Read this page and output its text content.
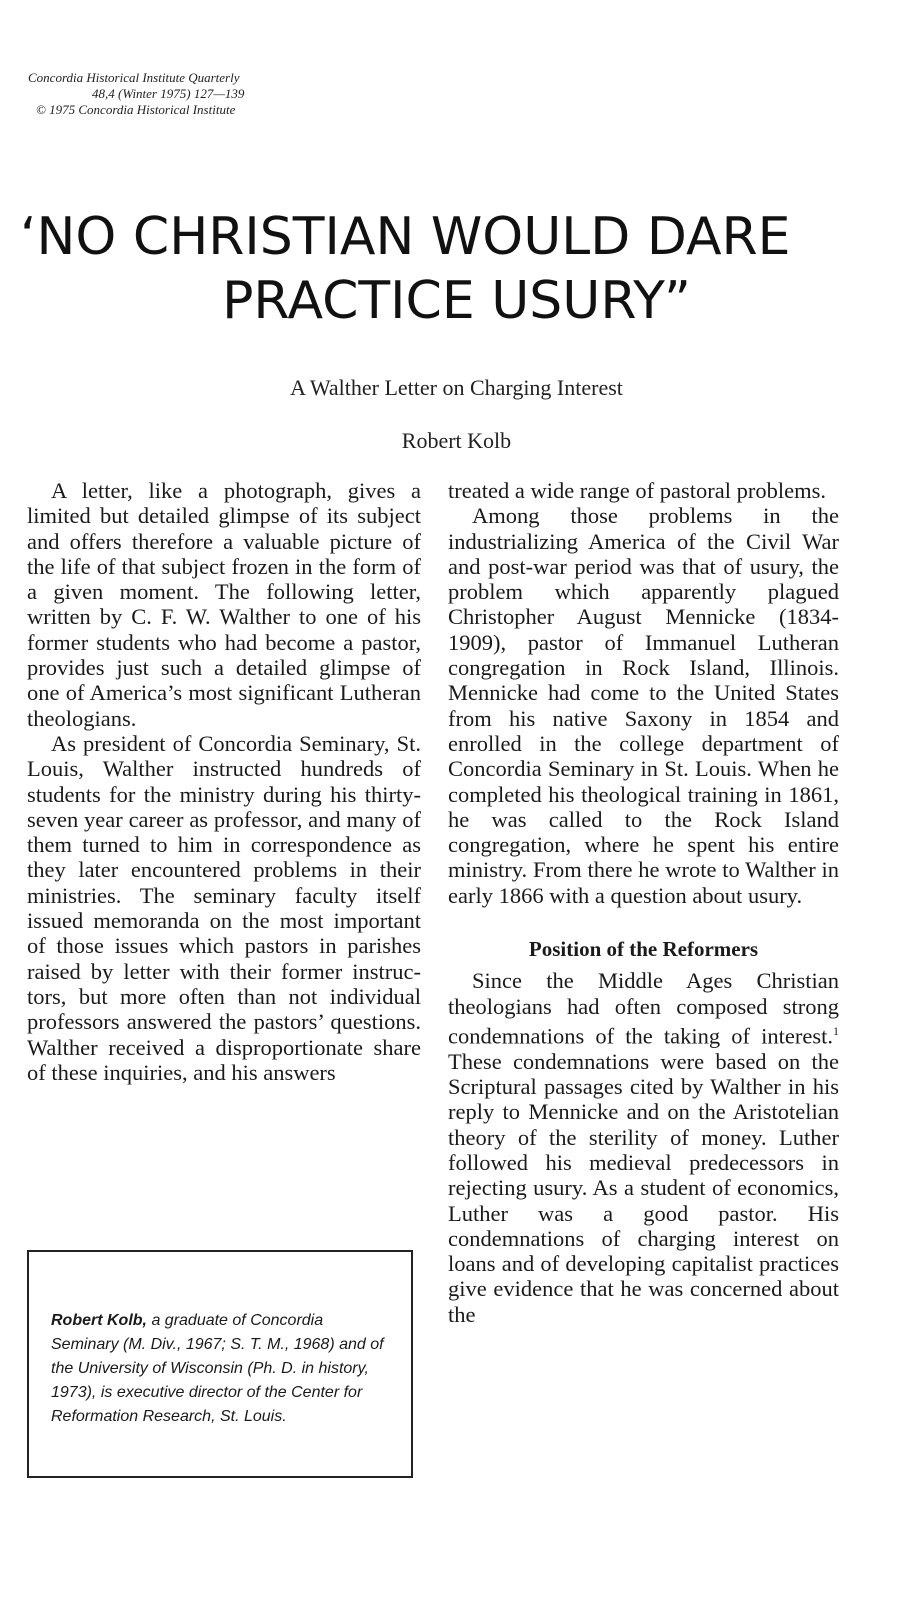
Concordia Historical Institute Quarterly
48,4 (Winter 1975) 127—139
© 1975 Concordia Historical Institute
‘NO CHRISTIAN WOULD DARE
PRACTICE USURY”
A Walther Letter on Charging Interest
Robert Kolb

A letter, like a photograph, gives a limited but detailed glimpse of its subject and offers therefore a valuable picture of the life of that subject frozen in the form of a given moment. The following letter, written by C. F. W. Walther to one of his former students who had become a pastor, provides just such a detailed glimpse of one of America’s most significant Lutheran theologians.

As president of Concordia Seminary, St. Louis, Walther instructed hundreds of students for the ministry during his thirty-seven year career as professor, and many of them turned to him in correspondence as they later encountered problems in their ministries. The seminary faculty itself issued memoranda on the most important of those issues which pastors in parishes raised by letter with their former instructors, but more often than not individual professors answered the pastors’ questions. Walther received a disproportionate share of these inquiries, and his answers

treated a wide range of pastoral problems.

Among those problems in the industrializing America of the Civil War and post-war period was that of usury, the problem which apparently plagued Christopher August Mennicke (1834-1909), pastor of Immanuel Lutheran congregation in Rock Island, Illinois. Mennicke had come to the United States from his native Saxony in 1854 and enrolled in the college department of Concordia Seminary in St. Louis. When he completed his theological training in 1861, he was called to the Rock Island congregation, where he spent his entire ministry. From there he wrote to Walther in early 1866 with a question about usury.

Position of the Reformers

Since the Middle Ages Christian theologians had often composed strong condemnations of the taking of interest.$^1$ These condemnations were based on the Scriptural passages cited by Walther in his reply to Mennicke and on the Aristotelian theory of the sterility of money. Luther followed his medieval predecessors in rejecting usury. As a student of economics, Luther was a good pastor. His condemnations of charging interest on loans and of developing capitalist practices give evidence that he was concerned about the

Robert Kolb, a graduate of Concordia Seminary (M. Div., 1967; S. T. M., 1968) and of the University of Wisconsin (Ph. D. in history, 1973), is executive director of the Center for Reformation Research, St. Louis.
